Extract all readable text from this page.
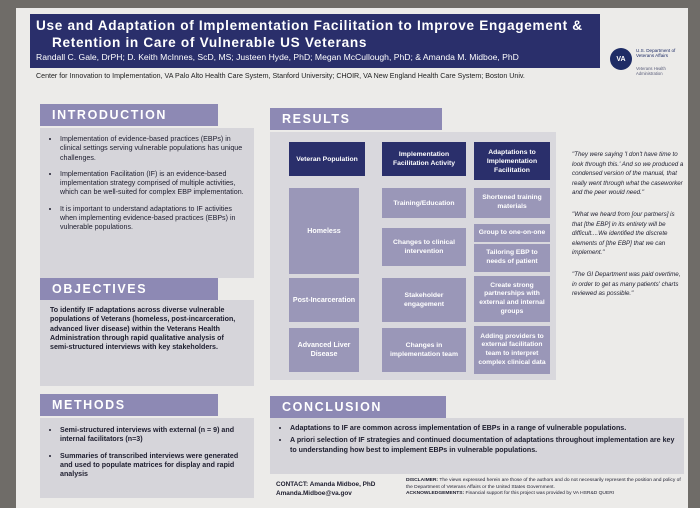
Use and Adaptation of Implementation Facilitation to Improve Engagement &
Retention in Care of Vulnerable US Veterans
Randall C. Gale, DrPH; D. Keith McInnes, ScD, MS; Justeen Hyde, PhD; Megan McCullough, PhD; & Amanda M. Midboe, PhD
Center for Innovation to Implementation, VA Palo Alto Health Care System, Stanford University; CHOIR, VA New England Health Care System; Boston Univ.
VA
U.S. Department of Veterans Affairs
Veterans Health Administration
INTRODUCTION
• Implementation of evidence-based practices (EBPs) in clinical settings serving vulnerable populations has unique challenges.
• Implementation Facilitation (IF) is an evidence-based implementation strategy comprised of multiple activities, which can be well-suited for complex EBP implementation.
• It is important to understand adaptations to IF activities when implementing evidence-based practices (EBPs) in vulnerable populations.
OBJECTIVES

To identify IF adaptations across diverse vulnerable populations of Veterans (homeless, post-incarceration, advanced liver disease) within the Veterans Health Administration through rapid qualitative analysis of semi-structured interviews with key stakeholders.

METHODS
• Semi-structured interviews with external (n = 9) and internal facilitators (n=3)
• Summaries of transcribed interviews were generated and used to populate matrices for display and rapid analysis
RESULTS
Veteran Population
Implementation Facilitation Activity
Adaptations to Implementation Facilitation
Homeless
Post-Incarceration
Advanced Liver Disease
Training/Education
Changes to clinical intervention
Stakeholder engagement
Changes in implementation team
Shortened training materials
Group to one-on-one
Tailoring EBP to needs of patient
Create strong partnerships with external and internal groups
Adding providers to external facilitation team to interpret complex clinical data

"They were saying 'I don't have time to look through this.' And so we produced a condensed version of the manual, that really went through what the caseworker and the peer would need."

"What we heard from [our partners] is that [the EBP] in its entirety will be difficult....We identified the discrete elements of [the EBP] that we can implement."

"The GI Department was paid overtime, in order to get as many patients' charts reviewed as possible."

CONCLUSION
• Adaptations to IF are common across implementation of EBPs in a range of vulnerable populations.
• A priori selection of IF strategies and continued documentation of adaptations throughout implementation are key to understanding how best to implement EBPs in vulnerable populations.
CONTACT: Amanda Midboe, PhD
Amanda.Midboe@va.gov
DISCLAIMER: The views expressed herein are those of the authors and do not necessarily represent the position and policy of the Department of Veterans Affairs or the United States Government.
ACKNOWLEDGEMENTS: Financial support for this project was provided by VA HSR&D QUERI
